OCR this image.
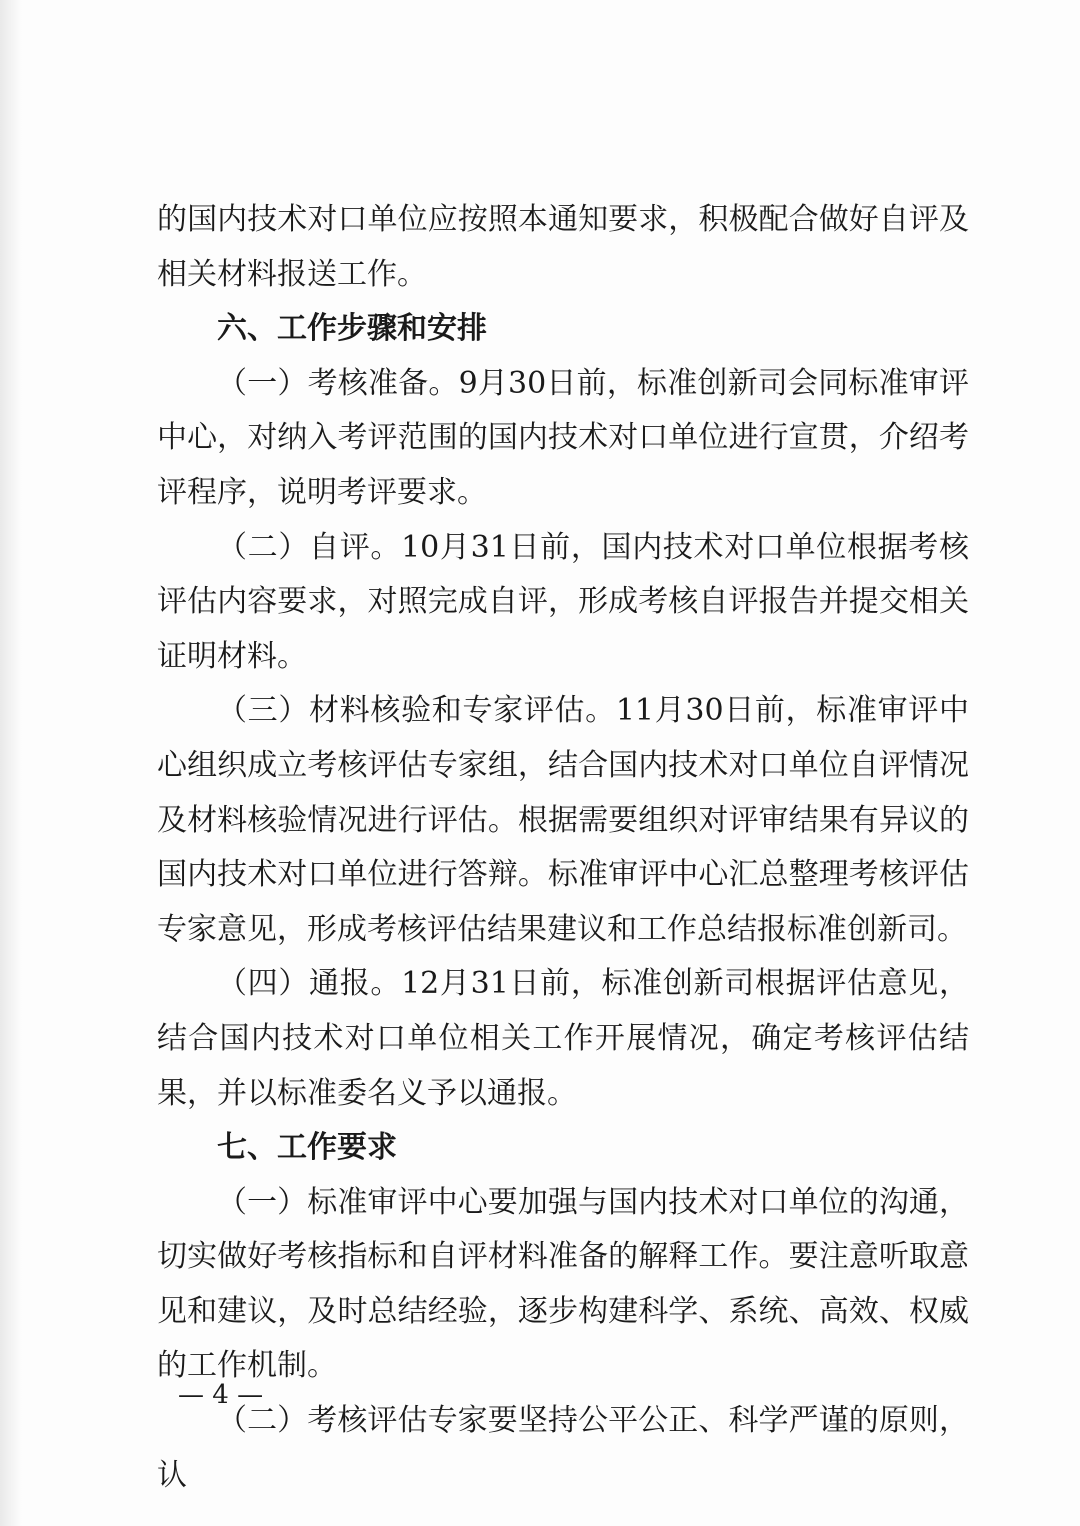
的国内技术对口单位应按照本通知要求，积极配合做好自评及相关材料报送工作。

六、工作步骤和安排

（一）考核准备。9月30日前，标准创新司会同标准审评中心，对纳入考评范围的国内技术对口单位进行宣贯，介绍考评程序，说明考评要求。

（二）自评。10月31日前，国内技术对口单位根据考核评估内容要求，对照完成自评，形成考核自评报告并提交相关证明材料。

（三）材料核验和专家评估。11月30日前，标准审评中心组织成立考核评估专家组，结合国内技术对口单位自评情况及材料核验情况进行评估。根据需要组织对评审结果有异议的国内技术对口单位进行答辩。标准审评中心汇总整理考核评估专家意见，形成考核评估结果建议和工作总结报标准创新司。

（四）通报。12月31日前，标准创新司根据评估意见，结合国内技术对口单位相关工作开展情况，确定考核评估结果，并以标准委名义予以通报。

七、工作要求

（一）标准审评中心要加强与国内技术对口单位的沟通，切实做好考核指标和自评材料准备的解释工作。要注意听取意见和建议，及时总结经验，逐步构建科学、系统、高效、权威的工作机制。

（二）考核评估专家要坚持公平公正、科学严谨的原则，认

— 4 —
